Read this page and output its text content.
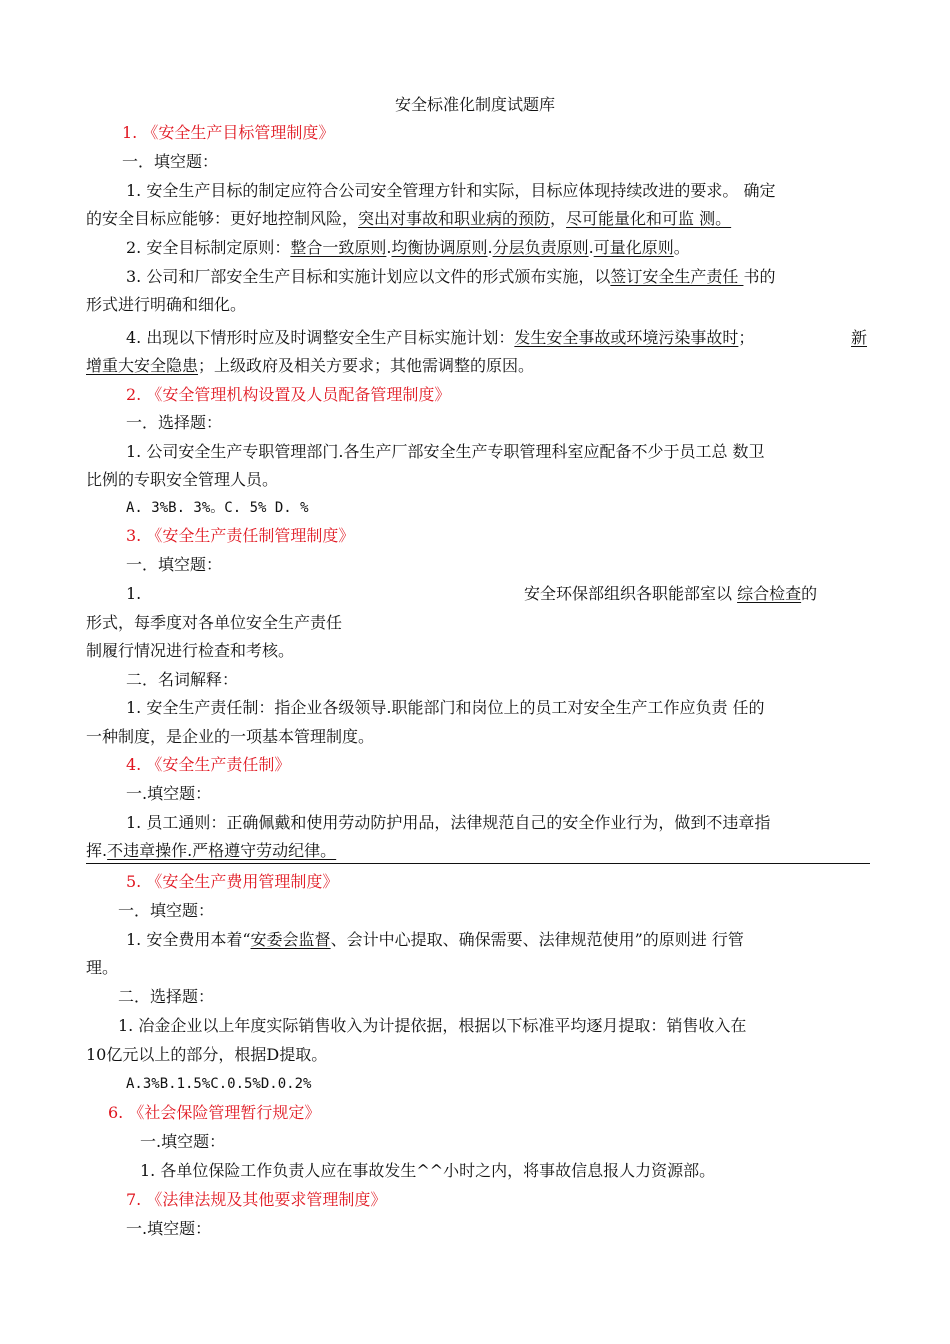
安全标准化制度试题库
1. 《安全生产目标管理制度》
一．填空题：
1. 安全生产目标的制定应符合公司安全管理方针和实际，目标应体现持续改进的要求。 确定
的安全目标应能够：更好地控制风险，突出对事故和职业病的预防，尽可能量化和可监 测。
2. 安全目标制定原则：整合一致原则.均衡协调原则.分层负责原则.可量化原则。
3. 公司和厂部安全生产目标和实施计划应以文件的形式颁布实施，以签订安全生产责任 书的
形式进行明确和细化。
4. 出现以下情形时应及时调整安全生产目标实施计划：发生安全事故或环境污染事故时；	新
增重大安全隐患；上级政府及相关方要求；其他需调整的原因。
2. 《安全管理机构设置及人员配备管理制度》
一．选择题：
1. 公司安全生产专职管理部门.各生产厂部安全生产专职管理科室应配备不少于员工总 数卫
比例的专职安全管理人员。
A. 3%B. 3%。C. 5% D. %
3. 《安全生产责任制管理制度》
一．填空题：
1.	安全环保部组织各职能部室以 综合检查的
形式，每季度对各单位安全生产责任
制履行情况进行检查和考核。
二．名词解释：
1. 安全生产责任制：指企业各级领导.职能部门和岗位上的员工对安全生产工作应负责 任的
一种制度，是企业的一项基本管理制度。
4. 《安全生产责任制》
一.填空题：
1. 员工通则：正确佩戴和使用劳动防护用品，法律规范自己的安全作业行为，做到不违章指
挥.不违章操作.严格遵守劳动纪律。
5. 《安全生产费用管理制度》
一．填空题：
1. 安全费用本着“安委会监督、会计中心提取、确保需要、法律规范使用”的原则进 行管
理。
二．选择题：
1. 冶金企业以上年度实际销售收入为计提依据，根据以下标准平均逐月提取：销售收入在
10亿元以上的部分，根据D提取。
A.3%B.1.5%C.0.5%D.0.2%
6. 《社会保险管理暂行规定》
一.填空题：
1. 各单位保险工作负责人应在事故发生^^小时之内，将事故信息报人力资源部。
7. 《法律法规及其他要求管理制度》
一.填空题：
